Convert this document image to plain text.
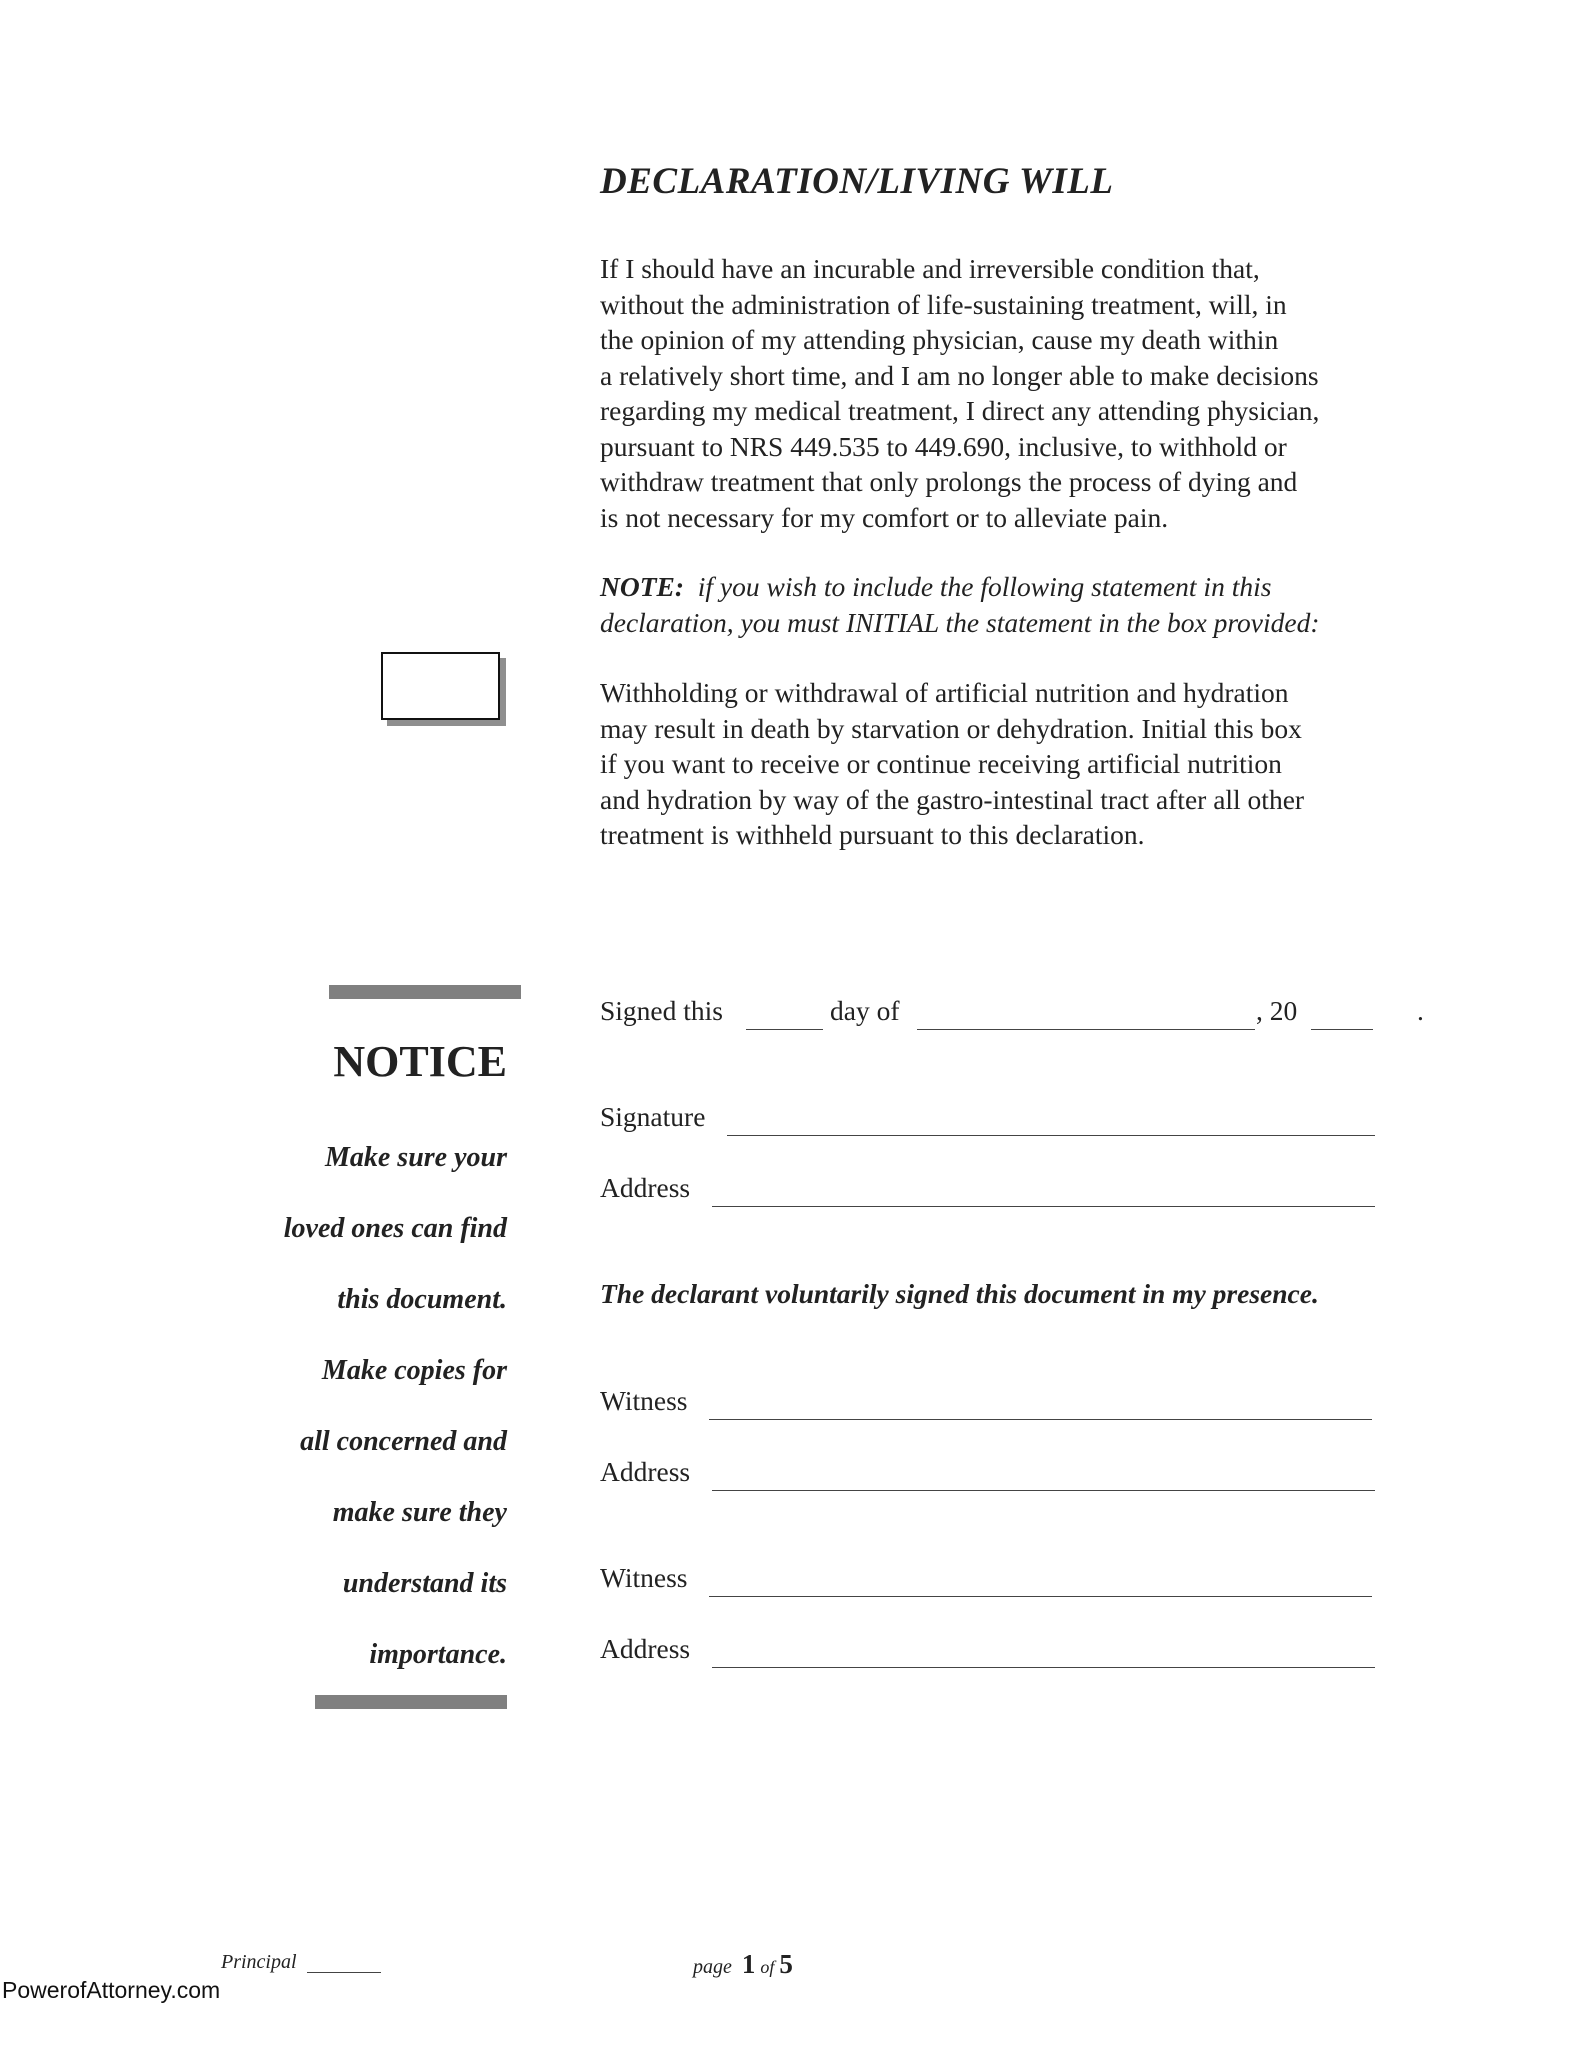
DECLARATION/LIVING WILL
If I should have an incurable and irreversible condition that,
without the administration of life-sustaining treatment, will, in
the opinion of my attending physician, cause my death within
a relatively short time, and I am no longer able to make decisions
regarding my medical treatment, I direct any attending physician,
pursuant to NRS 449.535 to 449.690, inclusive, to withhold or
withdraw treatment that only prolongs the process of dying and
is not necessary for my comfort or to alleviate pain.
NOTE: if you wish to include the following statement in this
declaration, you must INITIAL the statement in the box provided:
Withholding or withdrawal of artificial nutrition and hydration
may result in death by starvation or dehydration. Initial this box
if you want to receive or continue receiving artificial nutrition
and hydration by way of the gastro-intestinal tract after all other
treatment is withheld pursuant to this declaration.
NOTICE
Make sure your
loved ones can find
this document.
Make copies for
all concerned and
make sure they
understand its
importance.
Signed this	day of	, 20	.
Signature
Address
The declarant voluntarily signed this document in my presence.
Witness
Address
Witness
Address
Principal	page 1 of 5
PowerofAttorney.com
